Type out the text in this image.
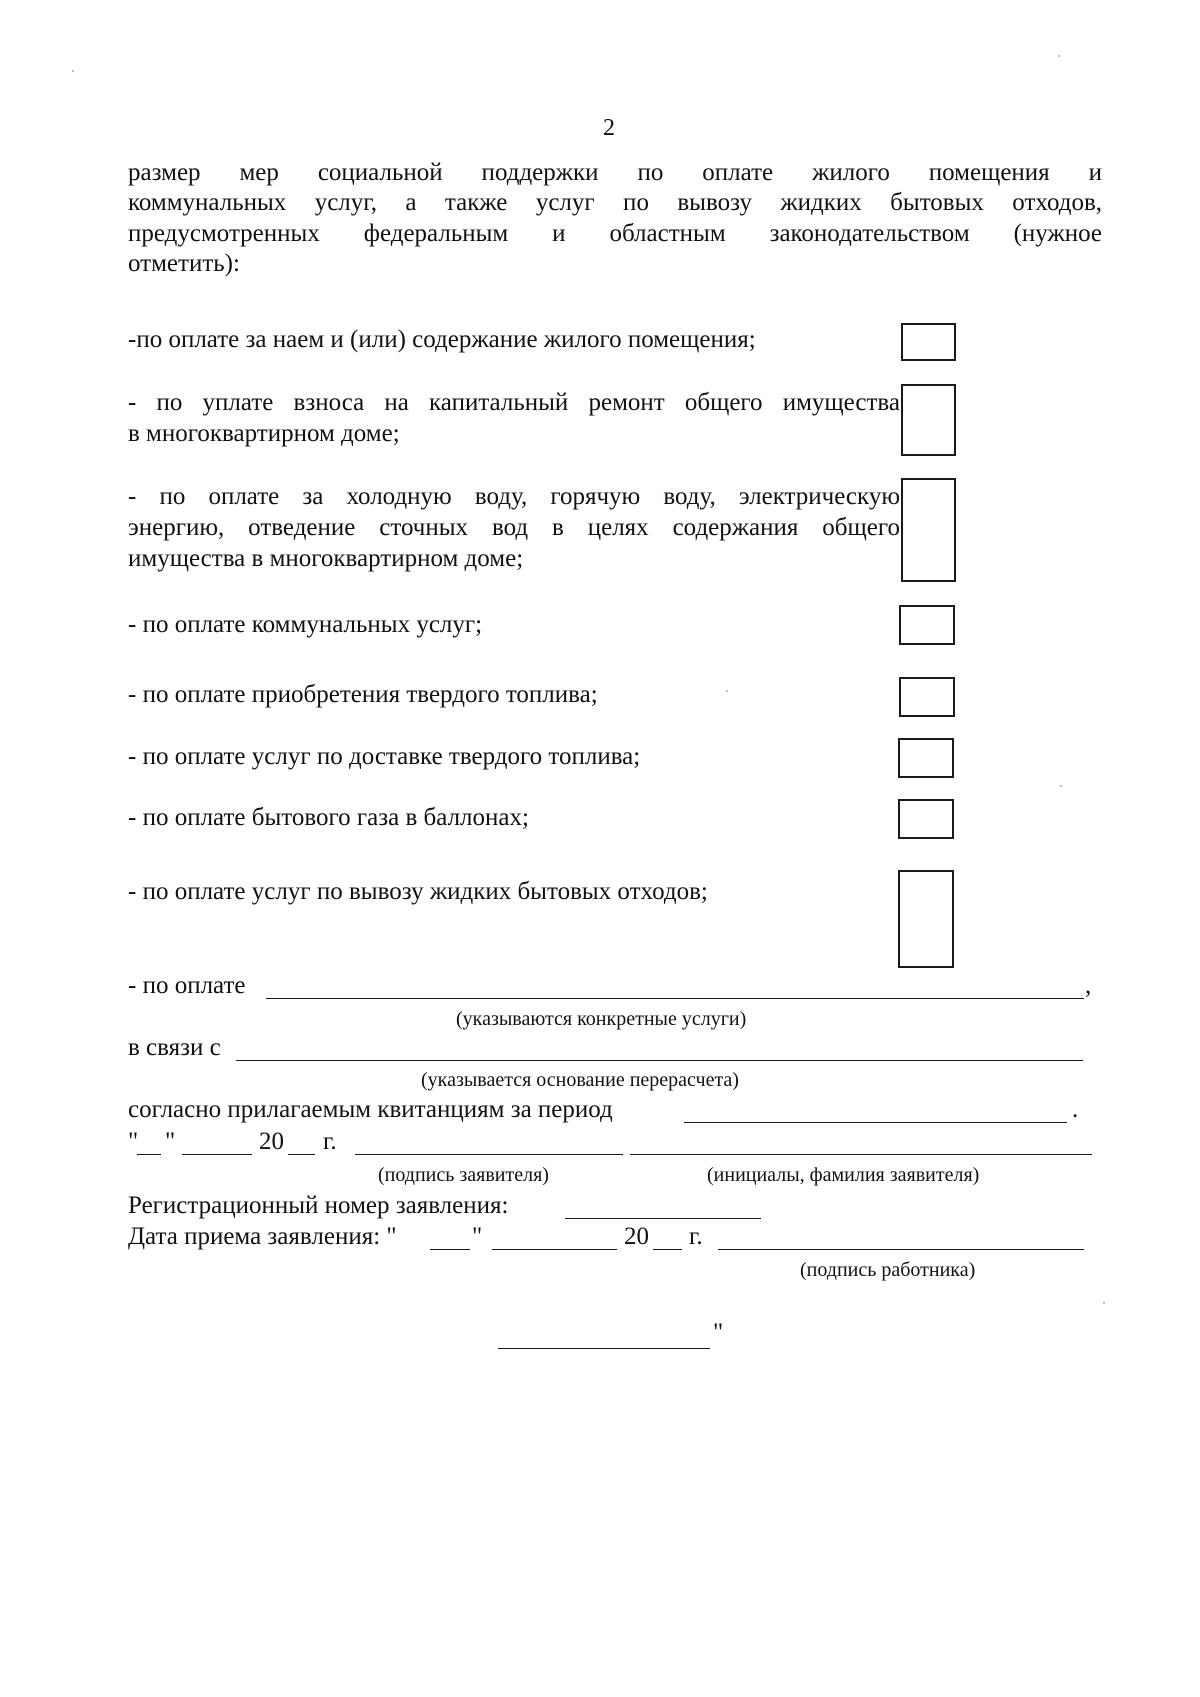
2
размер мер социальной поддержки по оплате жилого помещения и
коммунальных услуг, а также услуг по вывозу жидких бытовых отходов,
предусмотренных федеральным и областным законодательством (нужное
отметить):
-по оплате за наем и (или) содержание жилого помещения;
- по уплате взноса на капитальный ремонт общего имущества
в многоквартирном доме;
- по оплате за холодную воду, горячую воду, электрическую
энергию, отведение сточных вод в целях содержания общего
имущества в многоквартирном доме;
- по оплате коммунальных услуг;
- по оплате приобретения твердого топлива;
- по оплате услуг по доставке твердого топлива;
- по оплате бытового газа в баллонах;
- по оплате услуг по вывозу жидких бытовых отходов;
- по оплате	,
(указываются конкретные услуги)
в связи с
(указывается основание перерасчета)
согласно прилагаемым квитанциям за период	.
" "	20 г.
(подпись заявителя)	(инициалы, фамилия заявителя)
Регистрационный номер заявления:
Дата приема заявления: "	"	20 г.
(подпись работника)
"
